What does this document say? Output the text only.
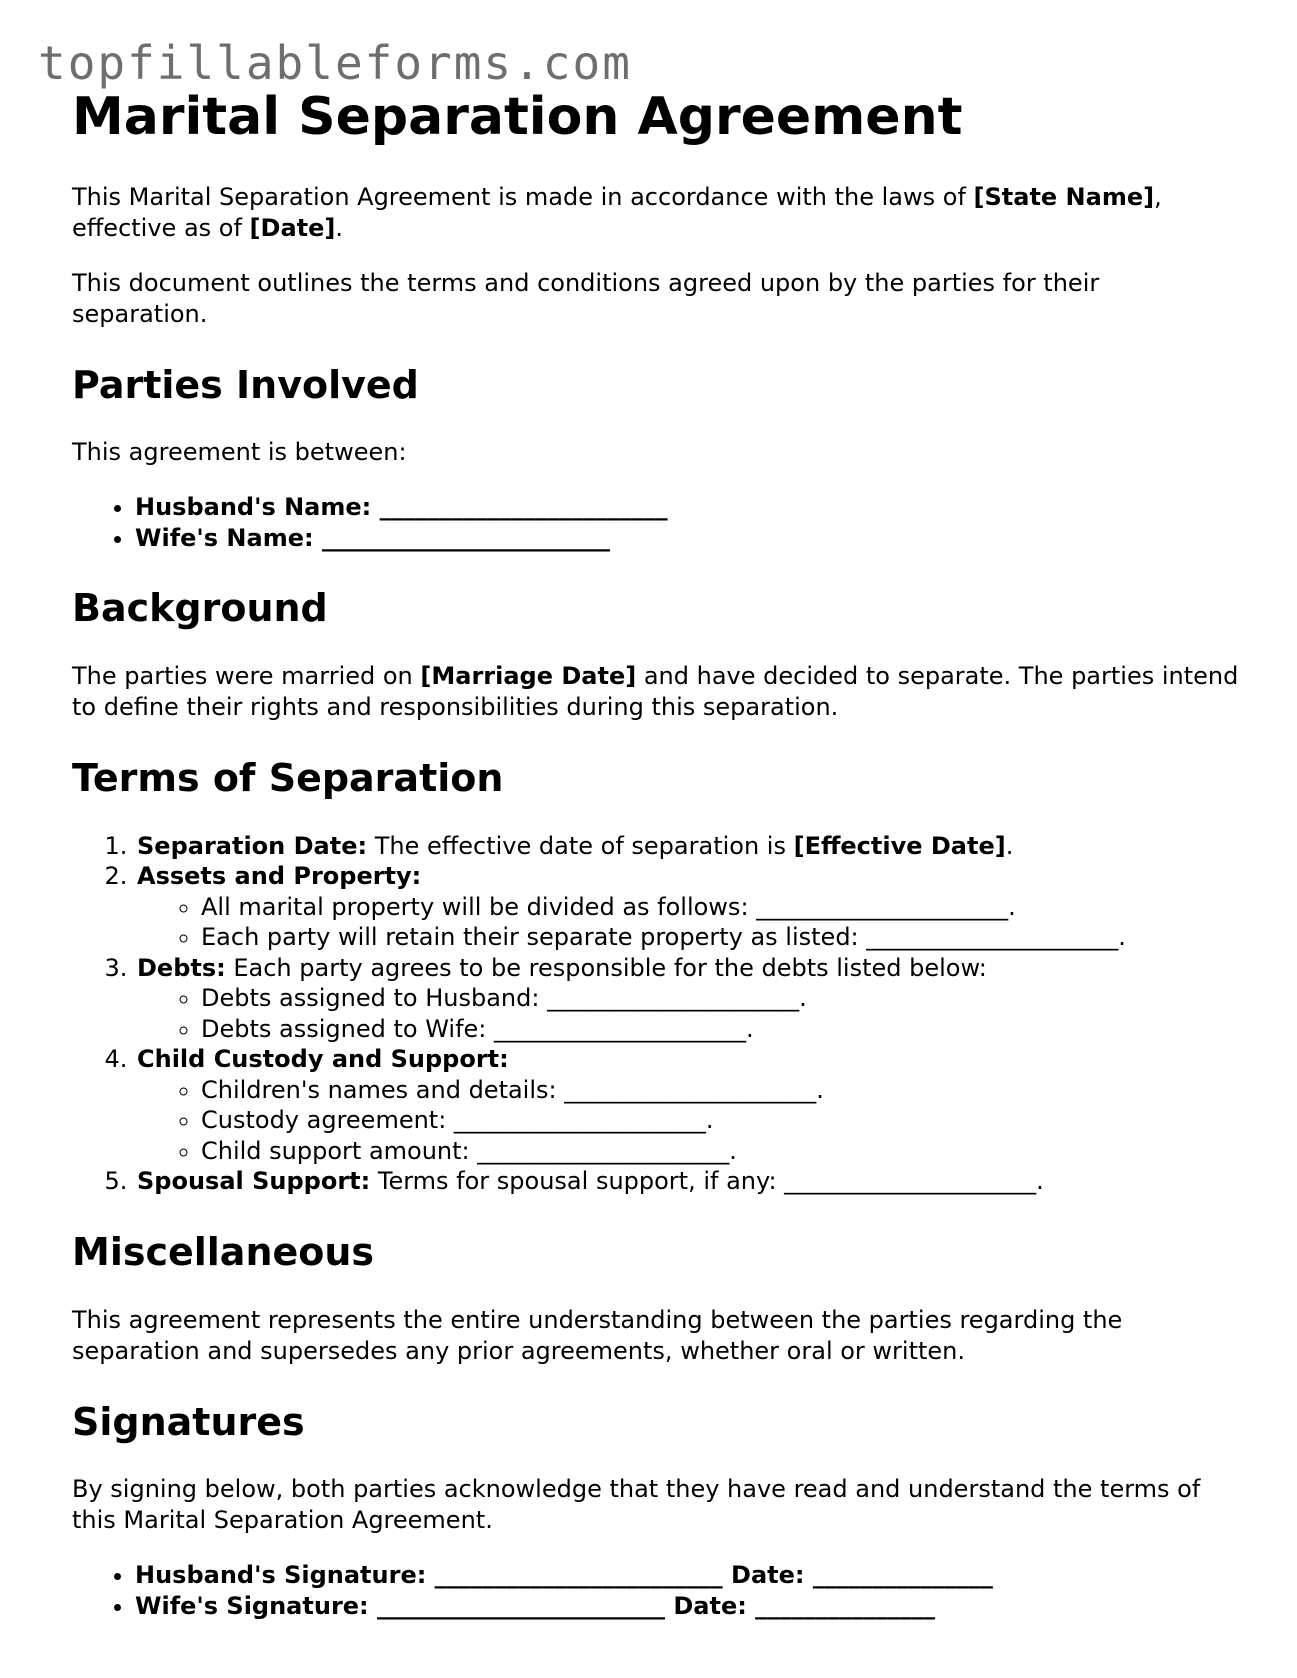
topfillableforms.com
Marital Separation Agreement

This Marital Separation Agreement is made in accordance with the laws of [State Name], effective as of [Date].

This document outlines the terms and conditions agreed upon by the parties for their separation.

Parties Involved

This agreement is between:

• Husband's Name: ________________________
• Wife's Name: ________________________
Background

The parties were married on [Marriage Date] and have decided to separate. The parties intend to define their rights and responsibilities during this separation.

Terms of Separation
1. Separation Date: The effective date of separation is [Effective Date].
2. Assets and Property:
◦ All marital property will be divided as follows: _____________________.
◦ Each party will retain their separate property as listed: _____________________.
3. Debts: Each party agrees to be responsible for the debts listed below:
◦ Debts assigned to Husband: _____________________.
◦ Debts assigned to Wife: _____________________.
4. Child Custody and Support:
◦ Children's names and details: _____________________.
◦ Custody agreement: _____________________.
◦ Child support amount: _____________________.
5. Spousal Support: Terms for spousal support, if any: _____________________.
Miscellaneous

This agreement represents the entire understanding between the parties regarding the separation and supersedes any prior agreements, whether oral or written.

Signatures

By signing below, both parties acknowledge that they have read and understand the terms of this Marital Separation Agreement.

• Husband's Signature: ________________________ Date: _______________
• Wife's Signature: ________________________ Date: _______________
